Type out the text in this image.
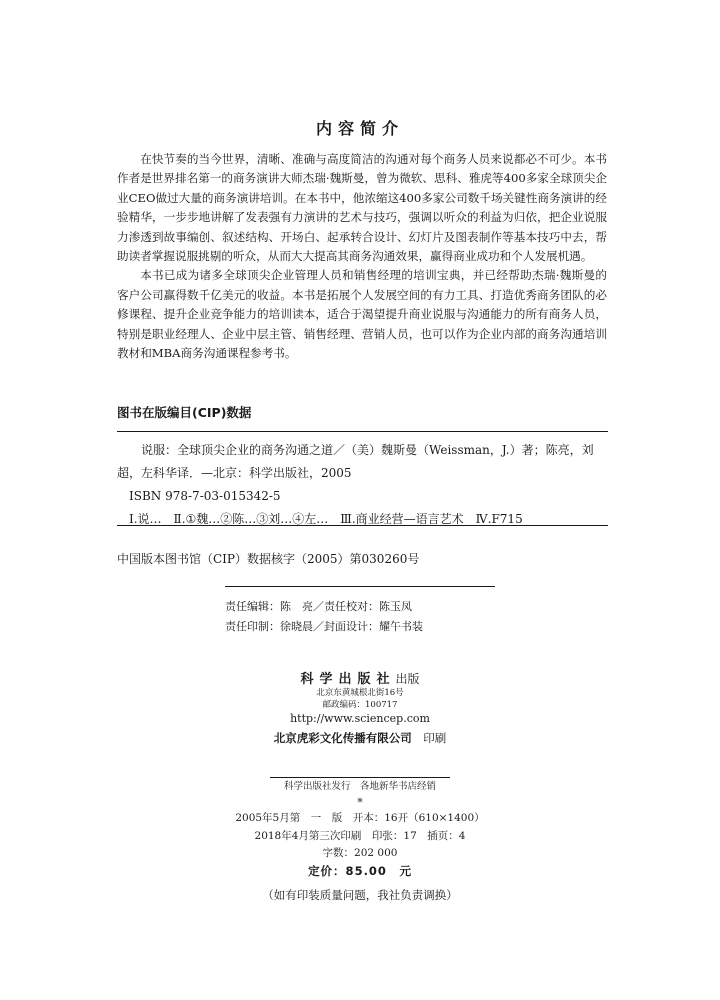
内容简介

在快节奏的当今世界，清晰、准确与高度简洁的沟通对每个商务人员来说都必不可少。本书作者是世界排名第一的商务演讲大师杰瑞·魏斯曼，曾为微软、思科、雅虎等400多家全球顶尖企业CEO做过大量的商务演讲培训。在本书中，他浓缩这400多家公司数千场关键性商务演讲的经验精华，一步步地讲解了发表强有力演讲的艺术与技巧，强调以听众的利益为归依，把企业说服力渗透到故事编创、叙述结构、开场白、起承转合设计、幻灯片及图表制作等基本技巧中去，帮助读者掌握说服挑剔的听众，从而大大提高其商务沟通效果，赢得商业成功和个人发展机遇。

本书已成为诸多全球顶尖企业管理人员和销售经理的培训宝典，并已经帮助杰瑞·魏斯曼的客户公司赢得数千亿美元的收益。本书是拓展个人发展空间的有力工具、打造优秀商务团队的必修课程、提升企业竞争能力的培训读本，适合于渴望提升商业说服与沟通能力的所有商务人员，特别是职业经理人、企业中层主管、销售经理、营销人员，也可以作为企业内部的商务沟通培训教材和MBA商务沟通课程参考书。

图书在版编目(CIP)数据

说服：全球顶尖企业的商务沟通之道／（美）魏斯曼（Weissman，J.）著；陈亮，刘

超，左科华译．—北京：科学出版社，2005

ISBN 978-7-03-015342-5

Ⅰ.说…　Ⅱ.①魏…②陈…③刘…④左…　Ⅲ.商业经营—语言艺术　Ⅳ.F715

中国版本图书馆（CIP）数据核字（2005）第030260号
责任编辑：陈　亮／责任校对：陈玉凤
责任印制：徐晓晨／封面设计：耀午书装
科学出版社出版
北京东黄城根北街16号
邮政编码：100717
http://www.sciencep.com
北京虎彩文化传播有限公司　 印刷
科学出版社发行　各地新华书店经销
*
2005年5月第　一　版　开本：16开（610×1400）
2018年4月第三次印刷　印张：17　插页：4
字数：202 000
定价：85.00　元
（如有印装质量问题，我社负责调换）
